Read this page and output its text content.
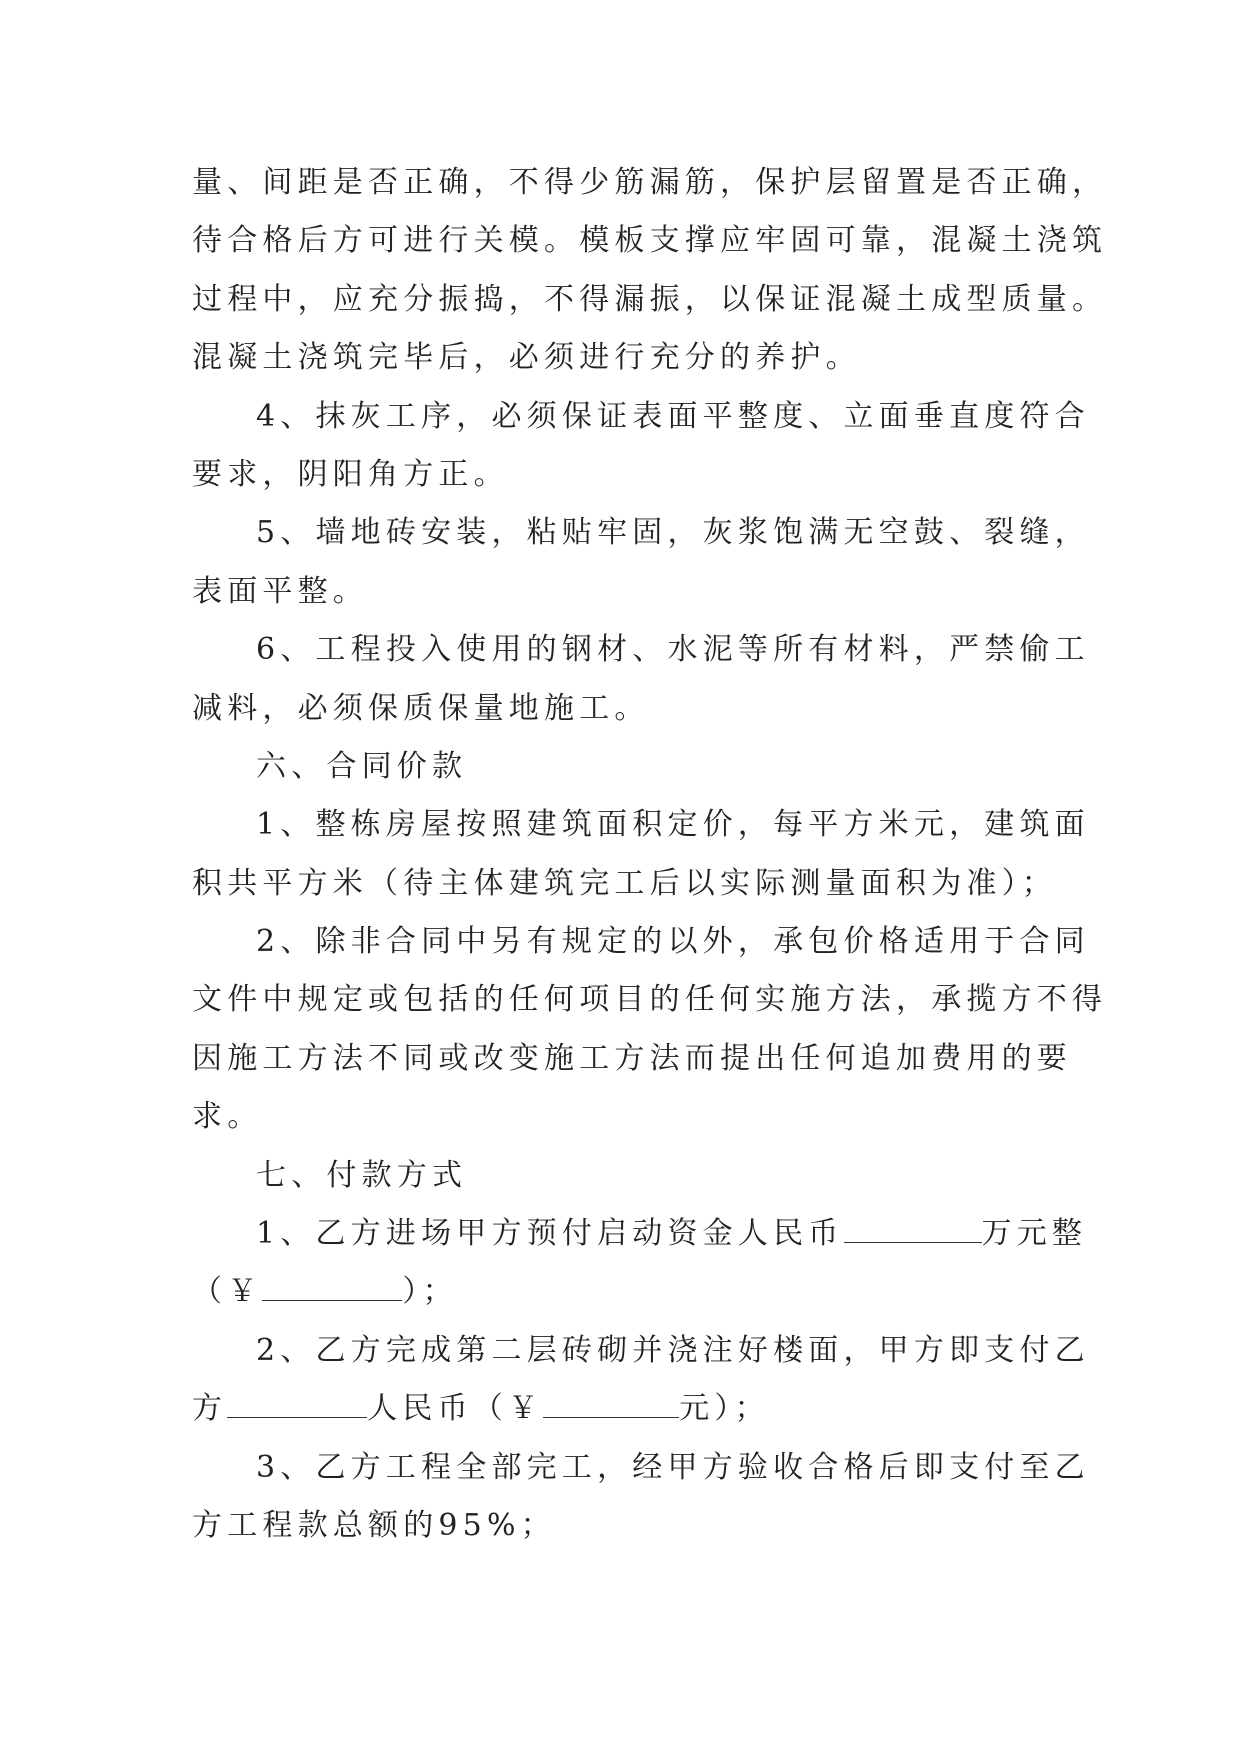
量、间距是否正确，不得少筋漏筋，保护层留置是否正确，
待合格后方可进行关模。模板支撑应牢固可靠，混凝土浇筑
过程中，应充分振捣，不得漏振，以保证混凝土成型质量。
混凝土浇筑完毕后，必须进行充分的养护。
4、抹灰工序，必须保证表面平整度、立面垂直度符合
要求，阴阳角方正。
5、墙地砖安装，粘贴牢固，灰浆饱满无空鼓、裂缝，
表面平整。
6、工程投入使用的钢材、水泥等所有材料，严禁偷工
减料，必须保质保量地施工。
六、合同价款
1、整栋房屋按照建筑面积定价，每平方米元，建筑面
积共平方米（待主体建筑完工后以实际测量面积为准）；
2、除非合同中另有规定的以外，承包价格适用于合同
文件中规定或包括的任何项目的任何实施方法，承揽方不得
因施工方法不同或改变施工方法而提出任何追加费用的要
求。
七、付款方式
1、乙方进场甲方预付启动资金人民币	万元整
（￥	）；
2、乙方完成第二层砖砌并浇注好楼面，甲方即支付乙
方	人民币（￥	元）；
3、乙方工程全部完工，经甲方验收合格后即支付至乙
方工程款总额的95%；
